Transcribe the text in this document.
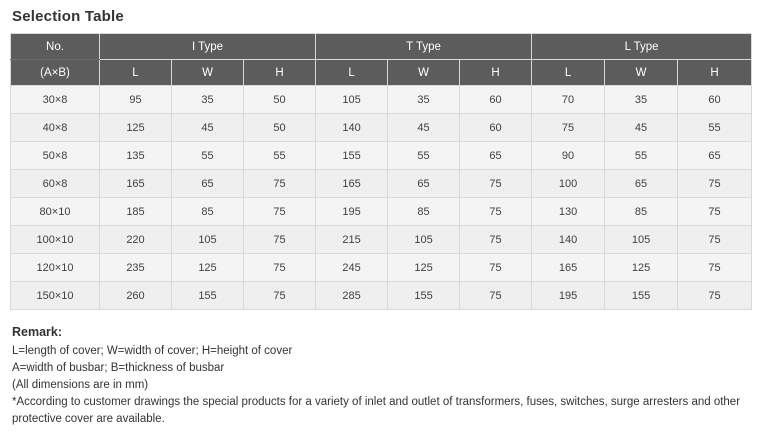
Selection Table
No.	I Type			T Type			L Type		
(A×B)	L	W	H	L	W	H	L	W	H
30×8	95	35	50	105	35	60	70	35	60
40×8	125	45	50	140	45	60	75	45	55
50×8	135	55	55	155	55	65	90	55	65
60×8	165	65	75	165	65	75	100	65	75
80×10	185	85	75	195	85	75	130	85	75
100×10	220	105	75	215	105	75	140	105	75
120×10	235	125	75	245	125	75	165	125	75
150×10	260	155	75	285	155	75	195	155	75
Remark:
L=length of cover; W=width of cover; H=height of cover
A=width of busbar; B=thickness of busbar
(All dimensions are in mm)
*According to customer drawings the special products for a variety of inlet and outlet of transformers, fuses, switches, surge arresters and other protective cover are available.
